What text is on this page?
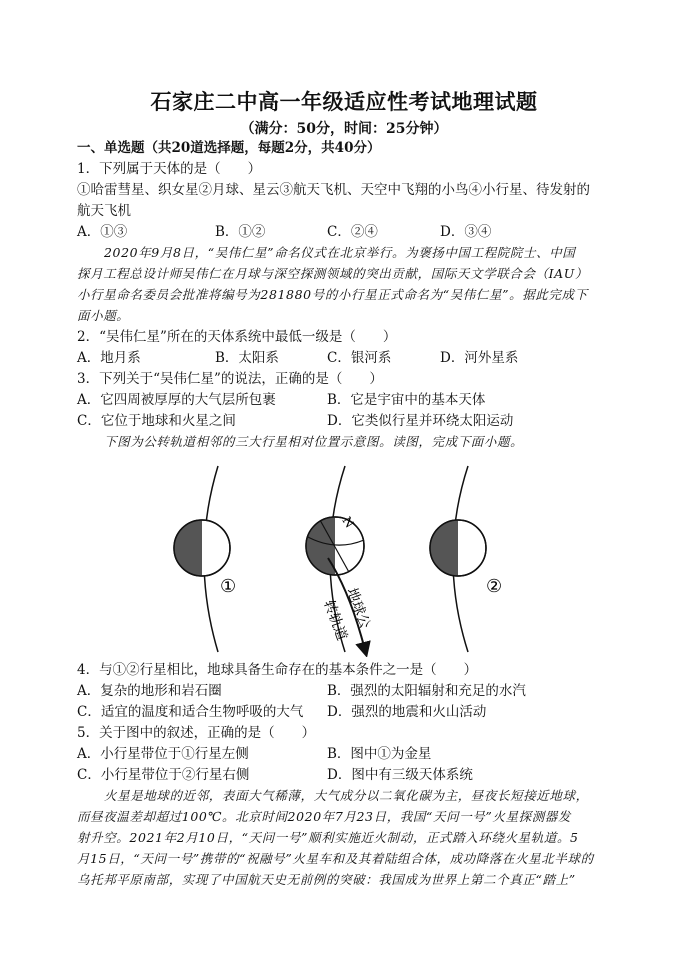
石家庄二中高一年级适应性考试地理试题
（满分：50分，时间：25分钟）
一、单选题（共20道选择题，每题2分，共40分）
1．下列属于天体的是（　　）
①哈雷彗星、织女星②月球、星云③航天飞机、天空中飞翔的小鸟④小行星、待发射的
航天飞机
A．①③	B．①②	C．②④	D．③④
2020年9月8日，“吴伟仁星”命名仪式在北京举行。为褒扬中国工程院院士、中国
探月工程总设计师吴伟仁在月球与深空探测领域的突出贡献，国际天文学联合会（IAU）
小行星命名委员会批准将编号为281880号的小行星正式命名为“吴伟仁星”。据此完成下
面小题。
2．“吴伟仁星”所在的天体系统中最低一级是（　　）
A．地月系	B．太阳系	C．银河系	D．河外星系
3．下列关于“吴伟仁星”的说法，正确的是（　　）
A．它四周被厚厚的大气层所包裹	B．它是宇宙中的基本天体
C．它位于地球和火星之间	D．它类似行星并环绕太阳运动
下图为公转轨道相邻的三大行星相对位置示意图。读图，完成下面小题。
①
N
地球公
转轨道
②
4．与①②行星相比，地球具备生命存在的基本条件之一是（　　）
A．复杂的地形和岩石圈	B．强烈的太阳辐射和充足的水汽
C．适宜的温度和适合生物呼吸的大气 D．强烈的地震和火山活动
5．关于图中的叙述，正确的是（　　）
A．小行星带位于①行星左侧	B．图中①为金星
C．小行星带位于②行星右侧	D．图中有三级天体系统
火星是地球的近邻，表面大气稀薄，大气成分以二氧化碳为主，昼夜长短接近地球，
而昼夜温差却超过100℃。北京时间2020年7月23日，我国“天问一号”火星探测器发
射升空。2021年2月10日，“天问一号”顺利实施近火制动，正式踏入环绕火星轨道。5
月15日，“天问一号”携带的“祝融号”火星车和及其着陆组合体，成功降落在火星北半球的
乌托邦平原南部，实现了中国航天史无前例的突破：我国成为世界上第二个真正“踏上”
